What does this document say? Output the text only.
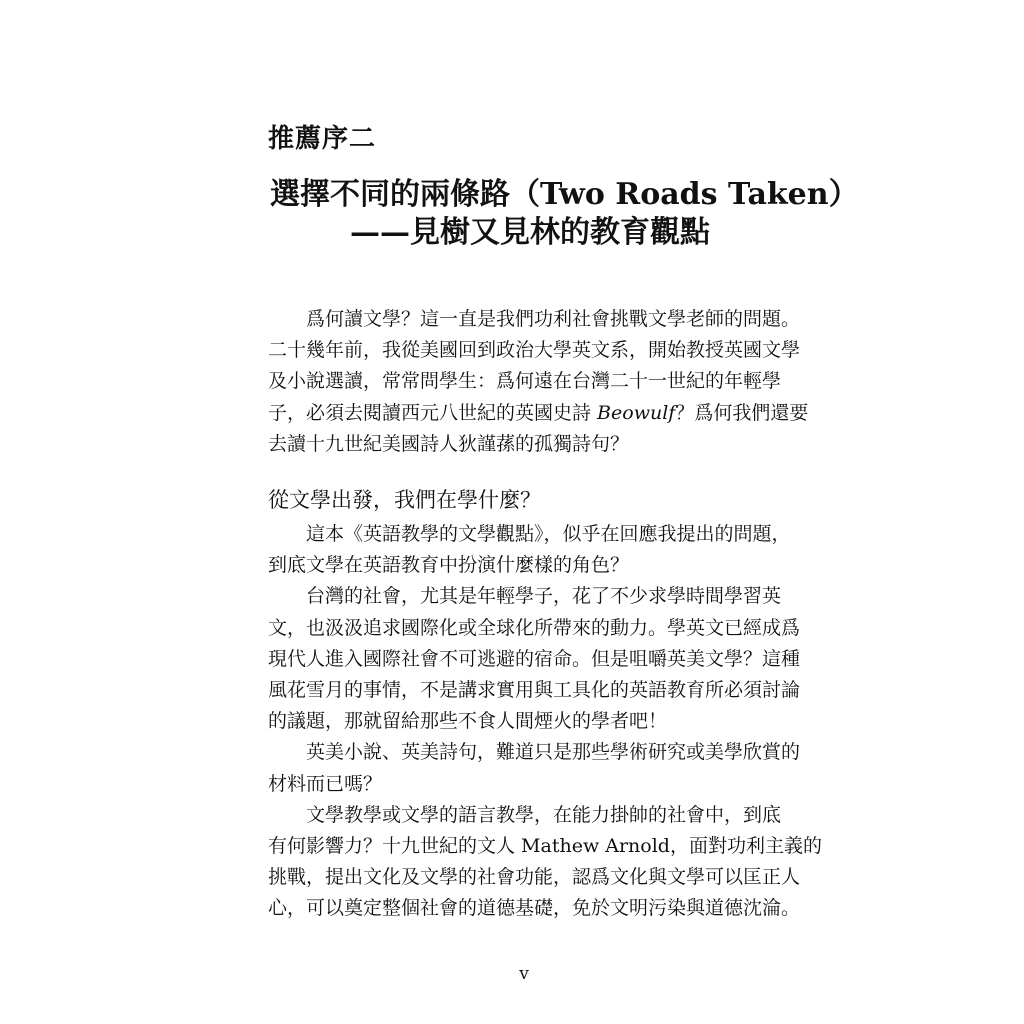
推薦序二
選擇不同的兩條路（Two Roads Taken）
——見樹又見林的教育觀點
爲何讀文學？這一直是我們功利社會挑戰文學老師的問題。
二十幾年前，我從美國回到政治大學英文系，開始教授英國文學
及小說選讀，常常問學生：爲何遠在台灣二十一世紀的年輕學
子，必須去閱讀西元八世紀的英國史詩 Beowulf？爲何我們還要
去讀十九世紀美國詩人狄謹蓀的孤獨詩句？
從文學出發，我們在學什麼？
這本《英語教學的文學觀點》，似乎在回應我提出的問題，
到底文學在英語教育中扮演什麼樣的角色？
台灣的社會，尤其是年輕學子，花了不少求學時間學習英
文，也汲汲追求國際化或全球化所帶來的動力。學英文已經成爲
現代人進入國際社會不可逃避的宿命。但是咀嚼英美文學？這種
風花雪月的事情，不是講求實用與工具化的英語教育所必須討論
的議題，那就留給那些不食人間煙火的學者吧！
英美小說、英美詩句，難道只是那些學術研究或美學欣賞的
材料而已嗎？
文學教學或文學的語言教學，在能力掛帥的社會中，到底
有何影響力？十九世紀的文人 Mathew Arnold，面對功利主義的
挑戰，提出文化及文學的社會功能，認爲文化與文學可以匡正人
心，可以奠定整個社會的道德基礎，免於文明污染與道德沈淪。
v
